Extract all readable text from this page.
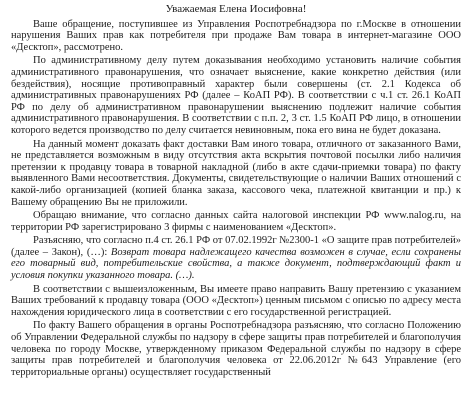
Уважаемая Елена Иосифовна!

Ваше обращение, поступившее из Управления Роспотребнадзора по г.Москве в отношении нарушения Ваших прав как потребителя при продаже Вам товара в интернет-магазине ООО «Десктоп», рассмотрено.

По административному делу путем доказывания необходимо установить наличие события административного правонарушения, что означает выяснение, какие конкретно действия (или бездействия), носящие противоправный характер были совершены (ст. 2.1 Кодекса об административных правонарушениях РФ (далее – КоАП РФ). В соответствии с ч.1 ст. 26.1 КоАП РФ по делу об административном правонарушении выяснению подлежит наличие события административного правонарушения. В соответствии с п.п. 2, 3 ст. 1.5 КоАП РФ лицо, в отношении которого ведется производство по делу считается невиновным, пока его вина не будет доказана.

На данный момент доказать факт доставки Вам иного товара, отличного от заказанного Вами, не представляется возможным в виду отсутствия акта вскрытия почтовой посылки либо наличия претензии к продавцу товара в товарной накладной (либо в акте сдачи-приемки товара) по факту выявленного Вами несоответствия. Документы, свидетельствующие о наличии Ваших отношений с какой-либо организацией (копией бланка заказа, кассового чека, платежной квитанции и пр.) к Вашему обращению Вы не приложили.

Обращаю внимание, что согласно данных сайта налоговой инспекции РФ www.nalog.ru, на территории РФ зарегистрировано 3 фирмы с наименованием «Десктоп».

Разъясняю, что согласно п.4 ст. 26.1 РФ от 07.02.1992г №2300-1 «О защите прав потребителей» (далее – Закон), (…): Возврат товара надлежащего качества возможен в случае, если сохранены его товарный вид, потребительские свойства, а также документ, подтверждающий факт и условия покупки указанного товара. (…).

В соответствии с вышеизложенным, Вы имеете право направить Вашу претензию с указанием Ваших требований к продавцу товара (ООО «Десктоп») ценным письмом с описью по адресу места нахождения юридического лица в соответствии с его государственной регистрацией.

По факту Вашего обращения в органы Роспотребнадзора разъясняю, что согласно Положению об Управлении Федеральной службы по надзору в сфере защиты прав потребителей и благополучия человека по городу Москве, утвержденному приказом Федеральной службы по надзору в сфере защиты прав потребителей и благополучия человека от 22.06.2012г №643 Управление (его территориальные органы) осуществляет государственный
